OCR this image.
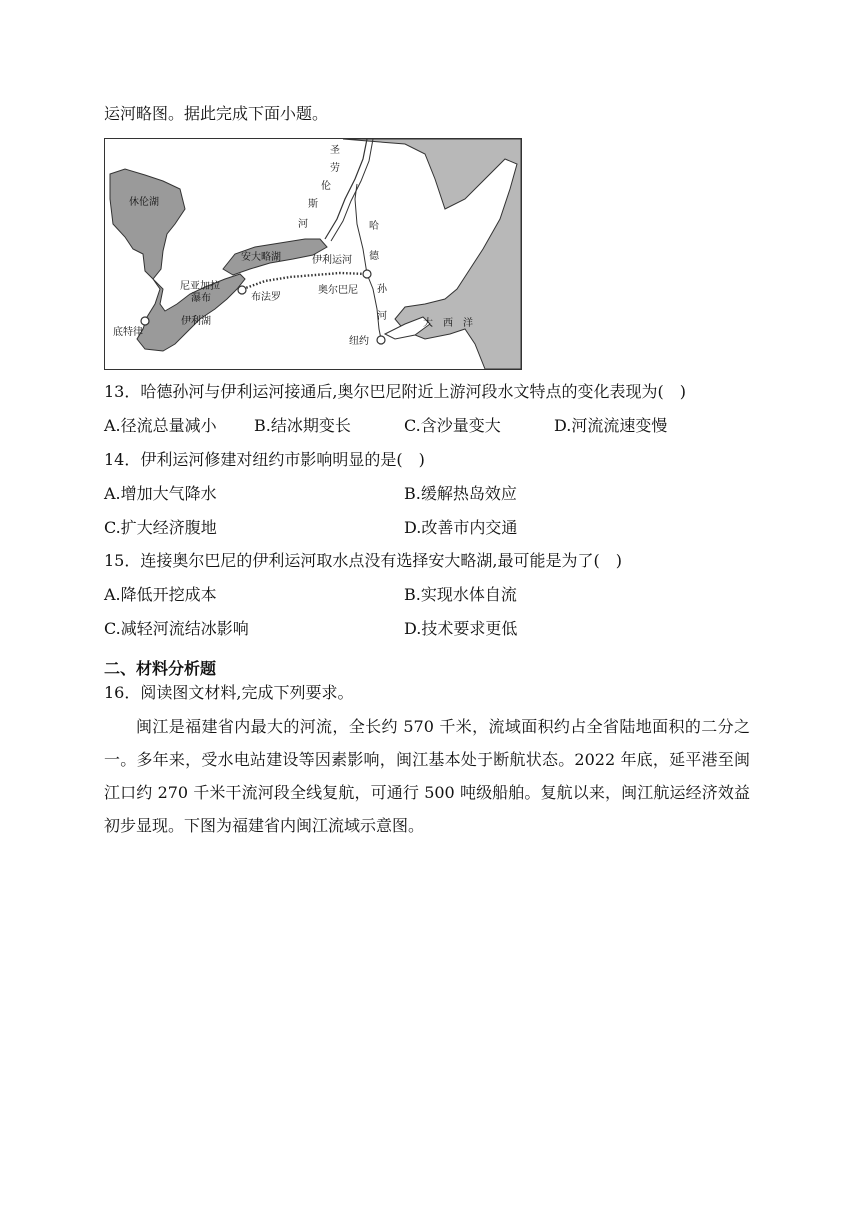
运河略图。据此完成下面小题。
休伦湖
安大略湖	伊利运河
尼亚加拉
瀑布	布法罗
奥尔巴尼
伊利湖
底特律
纽约
大　西　洋
圣
劳
伦
斯
河	哈
德
孙
河
13．哈德孙河与伊利运河接通后,奥尔巴尼附近上游河段水文特点的变化表现为(　)
A.径流总量减小 B.结冰期变长	C.含沙量变大	D.河流流速变慢
14．伊利运河修建对纽约市影响明显的是(　)
A.增加大气降水	B.缓解热岛效应
C.扩大经济腹地	D.改善市内交通
15．连接奥尔巴尼的伊利运河取水点没有选择安大略湖,最可能是为了(　)
A.降低开挖成本	B.实现水体自流
C.减轻河流结冰影响	D.技术要求更低
二、材料分析题
16．阅读图文材料,完成下列要求。
闽江是福建省内最大的河流，全长约 570 千米，流域面积约占全省陆地面积的二分之一。多年来，受水电站建设等因素影响，闽江基本处于断航状态。2022 年底，延平港至闽江口约 270 千米干流河段全线复航，可通行 500 吨级船舶。复航以来，闽江航运经济效益初步显现。下图为福建省内闽江流域示意图。
